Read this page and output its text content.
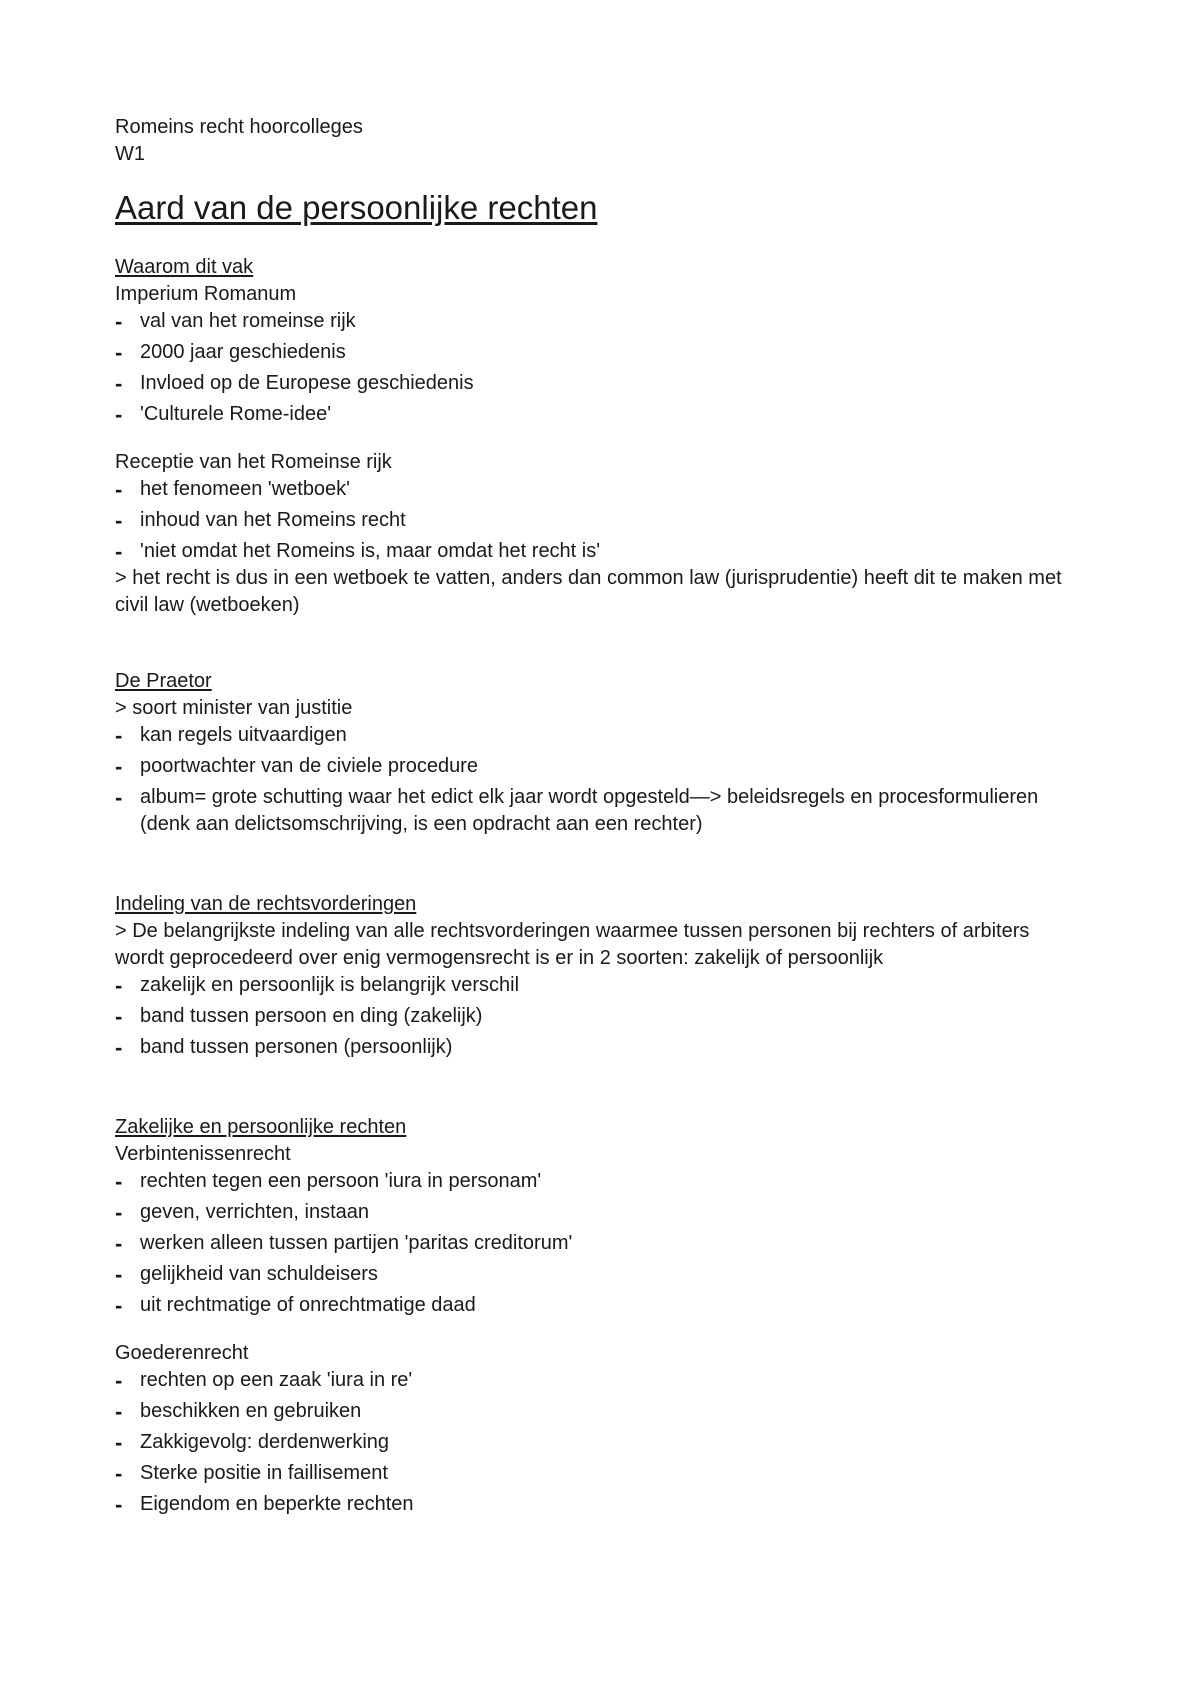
Romeins recht hoorcolleges

W1

Aard van de persoonlijke rechten

Waarom dit vak

Imperium Romanum

- val van het romeinse rijk
- 2000 jaar geschiedenis
- Invloed op de Europese geschiedenis
- 'Culturele Rome-idee'

Receptie van het Romeinse rijk

- het fenomeen 'wetboek'
- inhoud van het Romeins recht
- 'niet omdat het Romeins is, maar omdat het recht is'

> het recht is dus in een wetboek te vatten, anders dan common law (jurisprudentie) heeft dit te maken met civil law (wetboeken)

De Praetor

> soort minister van justitie

- kan regels uitvaardigen
- poortwachter van de civiele procedure
- album= grote schutting waar het edict elk jaar wordt opgesteld—> beleidsregels en procesformulieren (denk aan delictsomschrijving, is een opdracht aan een rechter)

Indeling van de rechtsvorderingen

> De belangrijkste indeling van alle rechtsvorderingen waarmee tussen personen bij rechters of arbiters wordt geprocedeerd over enig vermogensrecht is er in 2 soorten: zakelijk of persoonlijk

- zakelijk en persoonlijk is belangrijk verschil
- band tussen persoon en ding (zakelijk)
- band tussen personen (persoonlijk)

Zakelijke en persoonlijke rechten

Verbintenissenrecht

- rechten tegen een persoon 'iura in personam'
- geven, verrichten, instaan
- werken alleen tussen partijen 'paritas creditorum'
- gelijkheid van schuldeisers
- uit rechtmatige of onrechtmatige daad

Goederenrecht

- rechten op een zaak 'iura in re'
- beschikken en gebruiken
- Zakkigevolg: derdenwerking
- Sterke positie in faillisement
- Eigendom en beperkte rechten
